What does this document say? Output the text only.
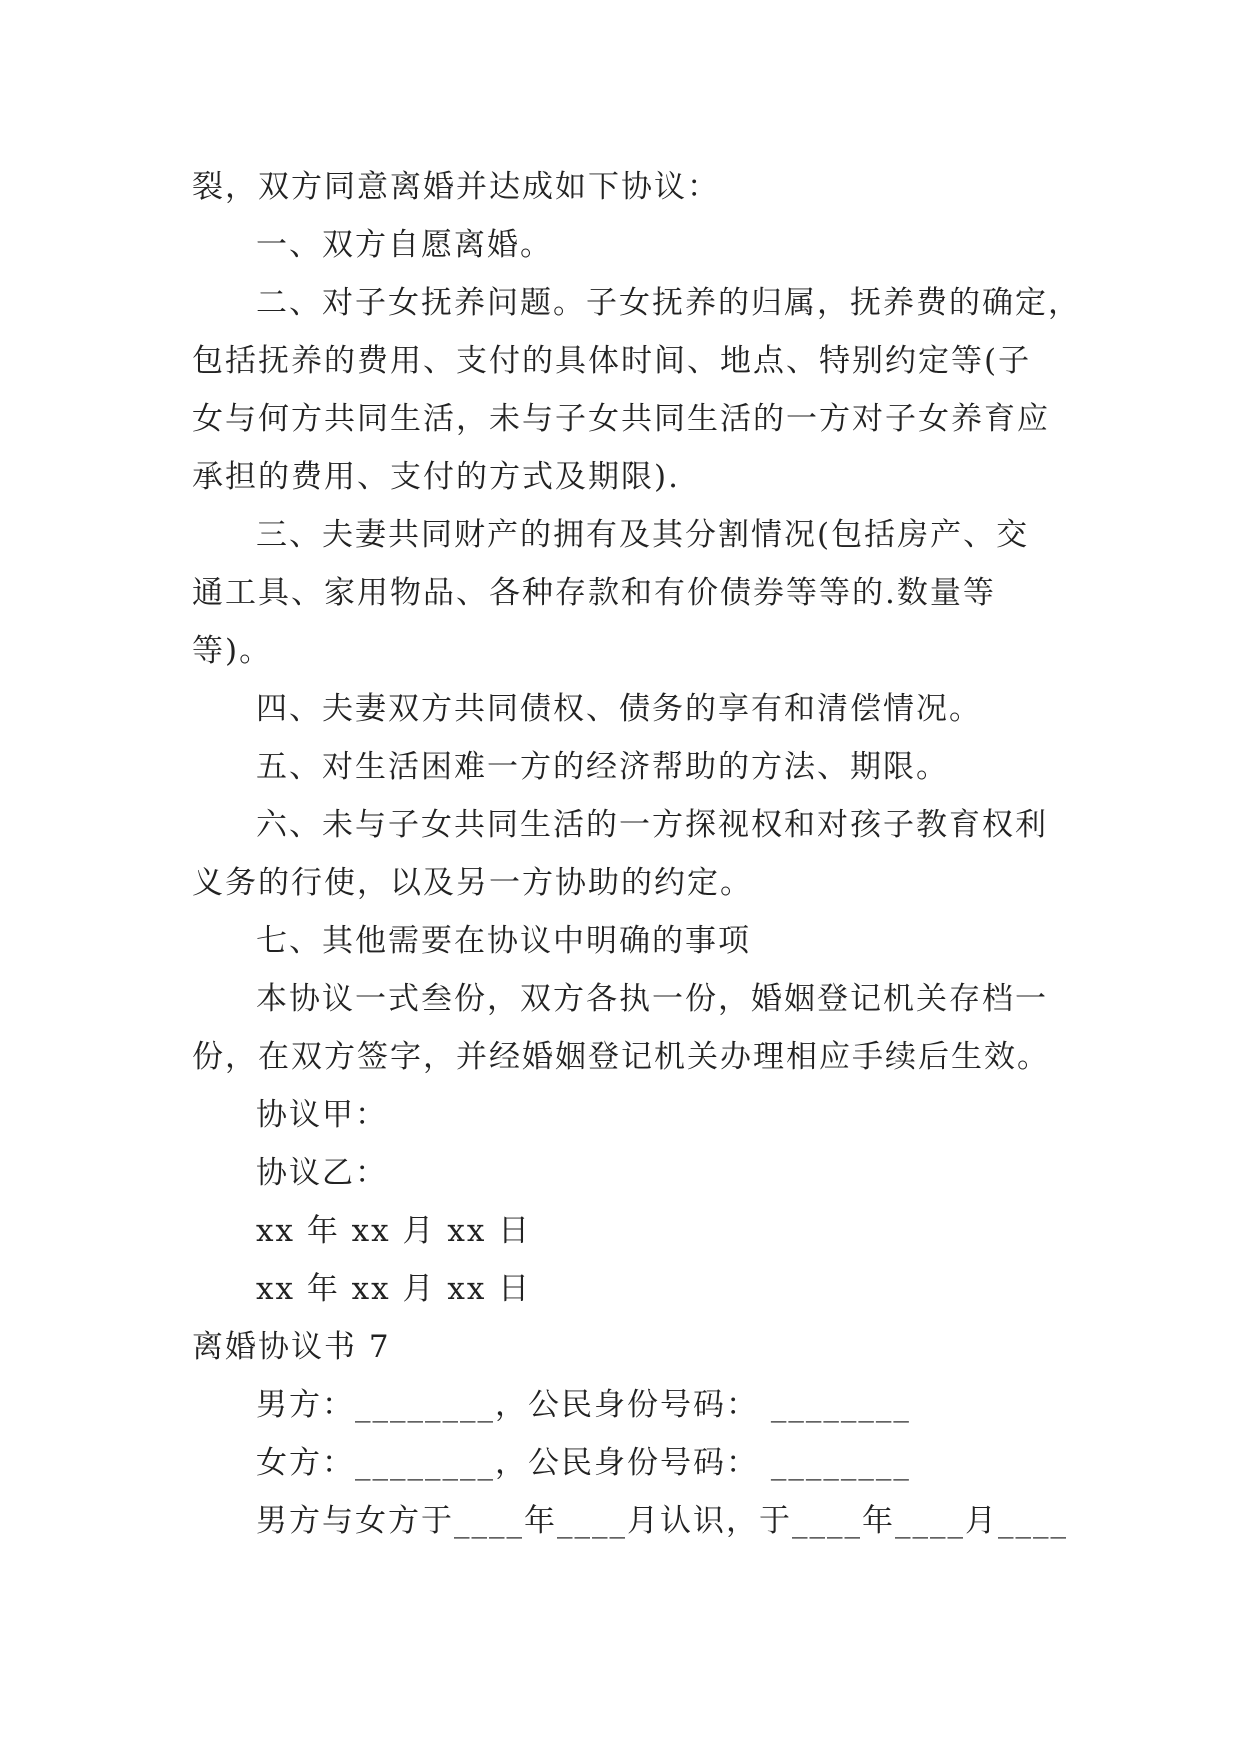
裂，双方同意离婚并达成如下协议：
一、双方自愿离婚。
二、对子女抚养问题。子女抚养的归属，抚养费的确定，
包括抚养的费用、支付的具体时间、地点、特别约定等(子
女与何方共同生活，未与子女共同生活的一方对子女养育应
承担的费用、支付的方式及期限).
三、夫妻共同财产的拥有及其分割情况(包括房产、交
通工具、家用物品、各种存款和有价债券等等的.数量等
等)。
四、夫妻双方共同债权、债务的享有和清偿情况。
五、对生活困难一方的经济帮助的方法、期限。
六、未与子女共同生活的一方探视权和对孩子教育权利
义务的行使，以及另一方协助的约定。
七、其他需要在协议中明确的事项
本协议一式叁份，双方各执一份，婚姻登记机关存档一
份，在双方签字，并经婚姻登记机关办理相应手续后生效。
协议甲：
协议乙：
xx 年 xx 月 xx 日
xx 年 xx 月 xx 日
离婚协议书 7
男方：________，公民身份号码： ________
女方：________，公民身份号码： ________
男方与女方于____年____月认识，于____年____月____
